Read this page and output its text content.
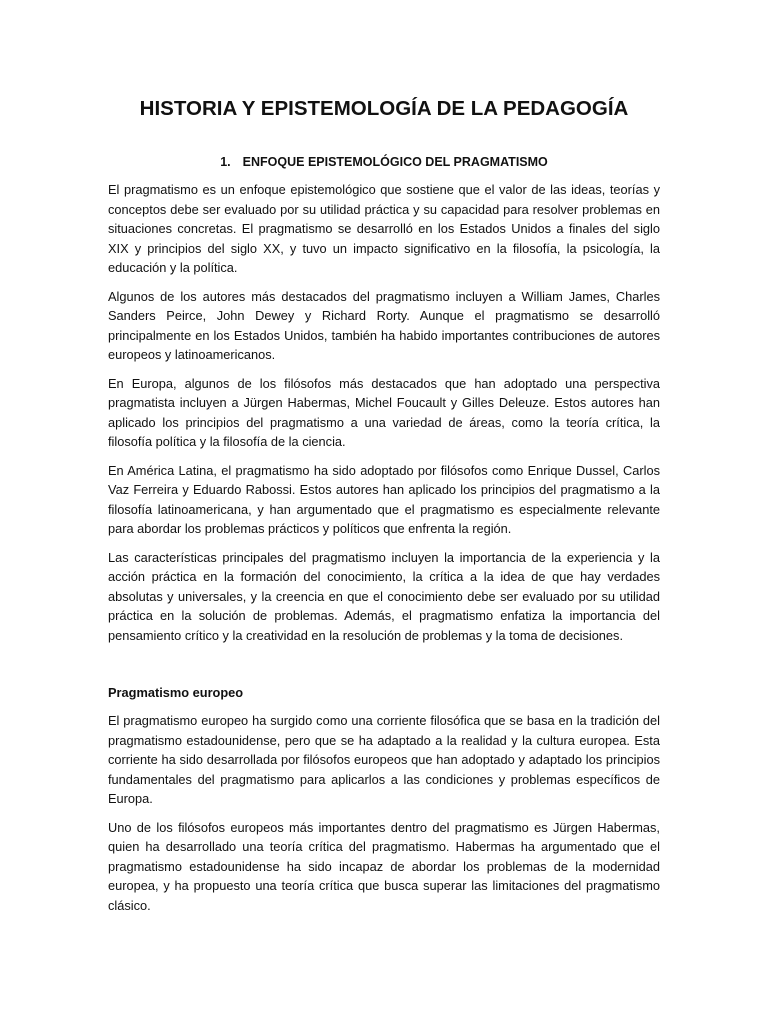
HISTORIA Y EPISTEMOLOGÍA DE LA PEDAGOGÍA
1. ENFOQUE EPISTEMOLÓGICO DEL PRAGMATISMO

El pragmatismo es un enfoque epistemológico que sostiene que el valor de las ideas, teorías y conceptos debe ser evaluado por su utilidad práctica y su capacidad para resolver problemas en situaciones concretas. El pragmatismo se desarrolló en los Estados Unidos a finales del siglo XIX y principios del siglo XX, y tuvo un impacto significativo en la filosofía, la psicología, la educación y la política.

Algunos de los autores más destacados del pragmatismo incluyen a William James, Charles Sanders Peirce, John Dewey y Richard Rorty. Aunque el pragmatismo se desarrolló principalmente en los Estados Unidos, también ha habido importantes contribuciones de autores europeos y latinoamericanos.

En Europa, algunos de los filósofos más destacados que han adoptado una perspectiva pragmatista incluyen a Jürgen Habermas, Michel Foucault y Gilles Deleuze. Estos autores han aplicado los principios del pragmatismo a una variedad de áreas, como la teoría crítica, la filosofía política y la filosofía de la ciencia.

En América Latina, el pragmatismo ha sido adoptado por filósofos como Enrique Dussel, Carlos Vaz Ferreira y Eduardo Rabossi. Estos autores han aplicado los principios del pragmatismo a la filosofía latinoamericana, y han argumentado que el pragmatismo es especialmente relevante para abordar los problemas prácticos y políticos que enfrenta la región.

Las características principales del pragmatismo incluyen la importancia de la experiencia y la acción práctica en la formación del conocimiento, la crítica a la idea de que hay verdades absolutas y universales, y la creencia en que el conocimiento debe ser evaluado por su utilidad práctica en la solución de problemas. Además, el pragmatismo enfatiza la importancia del pensamiento crítico y la creatividad en la resolución de problemas y la toma de decisiones.

Pragmatismo europeo

El pragmatismo europeo ha surgido como una corriente filosófica que se basa en la tradición del pragmatismo estadounidense, pero que se ha adaptado a la realidad y la cultura europea. Esta corriente ha sido desarrollada por filósofos europeos que han adoptado y adaptado los principios fundamentales del pragmatismo para aplicarlos a las condiciones y problemas específicos de Europa.

Uno de los filósofos europeos más importantes dentro del pragmatismo es Jürgen Habermas, quien ha desarrollado una teoría crítica del pragmatismo. Habermas ha argumentado que el pragmatismo estadounidense ha sido incapaz de abordar los problemas de la modernidad europea, y ha propuesto una teoría crítica que busca superar las limitaciones del pragmatismo clásico.
